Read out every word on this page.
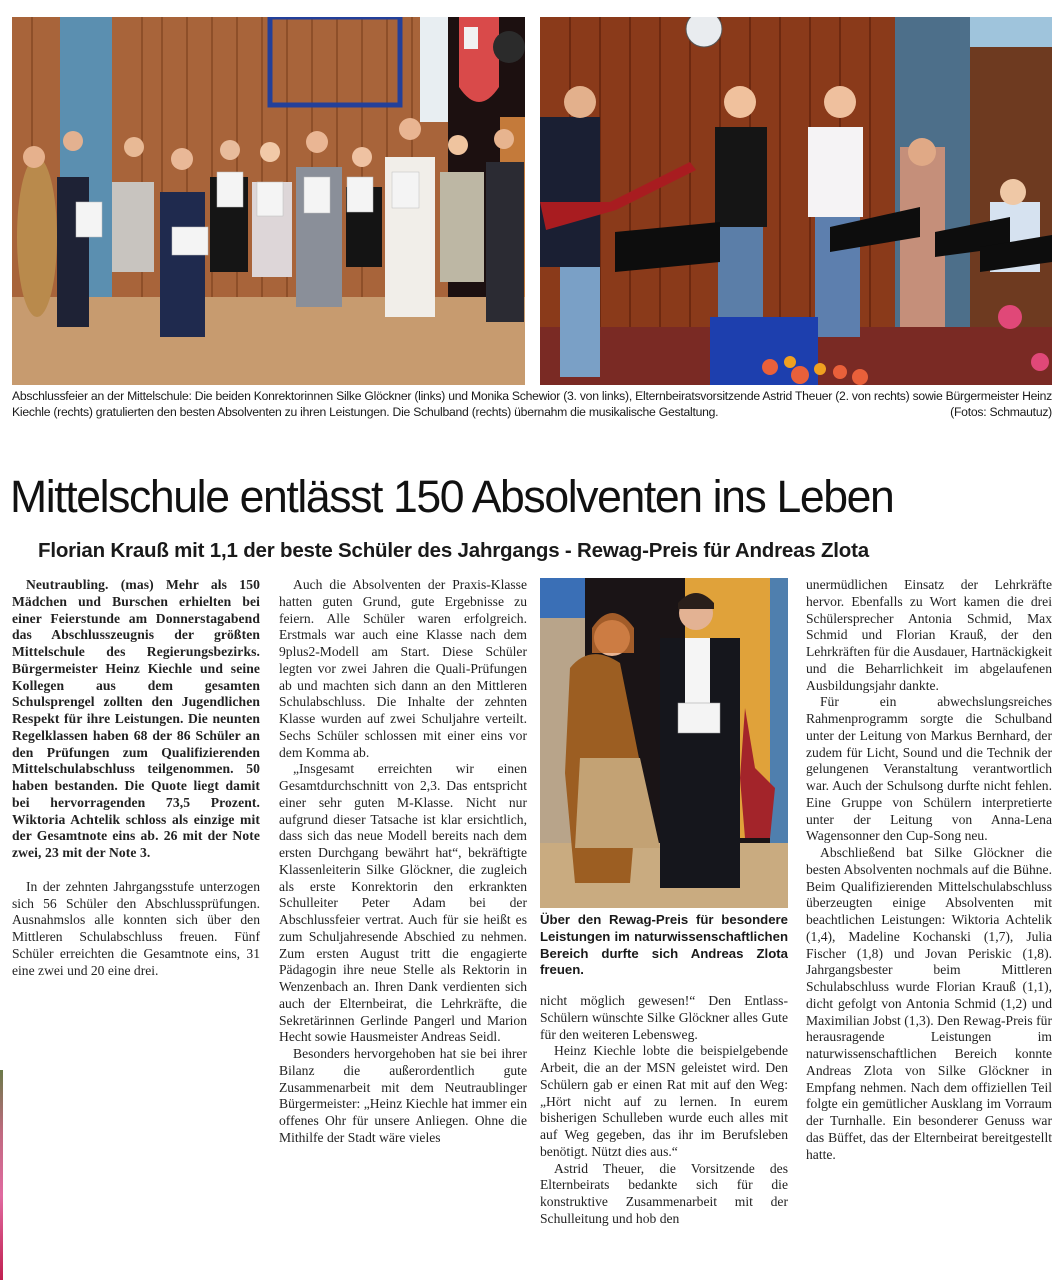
Abschlussfeier an der Mittelschule: Die beiden Konrektorinnen Silke Glöckner (links) und Monika Schewior (3. von links), Elternbeiratsvorsitzende Astrid Theuer (2. von rechts) sowie Bürgermeister Heinz Kiechle (rechts) gratulierten den besten Absolventen zu ihren Leistungen. Die Schulband (rechts) übernahm die musikalische Gestaltung.	(Fotos: Schmautuz)
Mittelschule entlässt 150 Absolventen ins Leben
Florian Krauß mit 1,1 der beste Schüler des Jahrgangs - Rewag-Preis für Andreas Zlota

Neutraubling. (mas) Mehr als 150 Mädchen und Burschen erhielten bei einer Feierstunde am Donnerstagabend das Abschlusszeugnis der größten Mittelschule des Regierungsbezirks. Bürgermeister Heinz Kiechle und seine Kollegen aus dem gesamten Schulsprengel zollten den Jugendlichen Respekt für ihre Leistungen. Die neunten Regelklassen haben 68 der 86 Schüler an den Prüfungen zum Qualifizierenden Mittelschulabschluss teilgenommen. 50 haben bestanden. Die Quote liegt damit bei hervorragenden 73,5 Prozent. Wiktoria Achtelik schloss als einzige mit der Gesamtnote eins ab. 26 mit der Note zwei, 23 mit der Note 3.

In der zehnten Jahrgangsstufe unterzogen sich 56 Schüler den Abschlussprüfungen. Ausnahmslos alle konnten sich über den Mittleren Schulabschluss freuen. Fünf Schüler erreichten die Gesamtnote eins, 31 eine zwei und 20 eine drei.

Auch die Absolventen der Praxis-Klasse hatten guten Grund, gute Ergebnisse zu feiern. Alle Schüler waren erfolgreich. Erstmals war auch eine Klasse nach dem 9plus2-Modell am Start. Diese Schüler legten vor zwei Jahren die Quali-Prüfungen ab und machten sich dann an den Mittleren Schulabschluss. Die Inhalte der zehnten Klasse wurden auf zwei Schuljahre verteilt. Sechs Schüler schlossen mit einer eins vor dem Komma ab.

„Insgesamt erreichten wir einen Gesamtdurchschnitt von 2,3. Das entspricht einer sehr guten M-Klasse. Nicht nur aufgrund dieser Tatsache ist klar ersichtlich, dass sich das neue Modell bereits nach dem ersten Durchgang bewährt hat“, bekräftigte Klassenleiterin Silke Glöckner, die zugleich als erste Konrektorin den erkrankten Schulleiter Peter Adam bei der Abschlussfeier vertrat. Auch für sie heißt es zum Schuljahresende Abschied zu nehmen. Zum ersten August tritt die engagierte Pädagogin ihre neue Stelle als Rektorin in Wenzenbach an. Ihren Dank verdienten sich auch der Elternbeirat, die Lehrkräfte, die Sekretärinnen Gerlinde Pangerl und Marion Hecht sowie Hausmeister Andreas Seidl.

Besonders hervorgehoben hat sie bei ihrer Bilanz die außerordentlich gute Zusammenarbeit mit dem Neutraublinger Bürgermeister: „Heinz Kiechle hat immer ein offenes Ohr für unsere Anliegen. Ohne die Mithilfe der Stadt wäre vieles

Über den Rewag-Preis für besondere Leistungen im naturwissenschaftlichen Bereich durfte sich Andreas Zlota freuen.

nicht möglich gewesen!“ Den Entlass-Schülern wünschte Silke Glöckner alles Gute für den weiteren Lebensweg.

Heinz Kiechle lobte die beispielgebende Arbeit, die an der MSN geleistet wird. Den Schülern gab er einen Rat mit auf den Weg: „Hört nicht auf zu lernen. In eurem bisherigen Schulleben wurde euch alles mit auf Weg gegeben, das ihr im Berufsleben benötigt. Nützt dies aus.“

Astrid Theuer, die Vorsitzende des Elternbeirats bedankte sich für die konstruktive Zusammenarbeit mit der Schulleitung und hob den

unermüdlichen Einsatz der Lehrkräfte hervor. Ebenfalls zu Wort kamen die drei Schülersprecher Antonia Schmid, Max Schmid und Florian Krauß, der den Lehrkräften für die Ausdauer, Hartnäckigkeit und die Beharrlichkeit im abgelaufenen Ausbildungsjahr dankte.

Für ein abwechslungsreiches Rahmenprogramm sorgte die Schulband unter der Leitung von Markus Bernhard, der zudem für Licht, Sound und die Technik der gelungenen Veranstaltung verantwortlich war. Auch der Schulsong durfte nicht fehlen. Eine Gruppe von Schülern interpretierte unter der Leitung von Anna-Lena Wagensonner den Cup-Song neu.

Abschließend bat Silke Glöckner die besten Absolventen nochmals auf die Bühne. Beim Qualifizierenden Mittelschulabschluss überzeugten einige Absolventen mit beachtlichen Leistungen: Wiktoria Achtelik (1,4), Madeline Kochanski (1,7), Julia Fischer (1,8) und Jovan Periskic (1,8). Jahrgangsbester beim Mittleren Schulabschluss wurde Florian Krauß (1,1), dicht gefolgt von Antonia Schmid (1,2) und Maximilian Jobst (1,3). Den Rewag-Preis für herausragende Leistungen im naturwissenschaftlichen Bereich konnte Andreas Zlota von Silke Glöckner in Empfang nehmen. Nach dem offiziellen Teil folgte ein gemütlicher Ausklang im Vorraum der Turnhalle. Ein besonderer Genuss war das Büffet, das der Elternbeirat bereitgestellt hatte.
